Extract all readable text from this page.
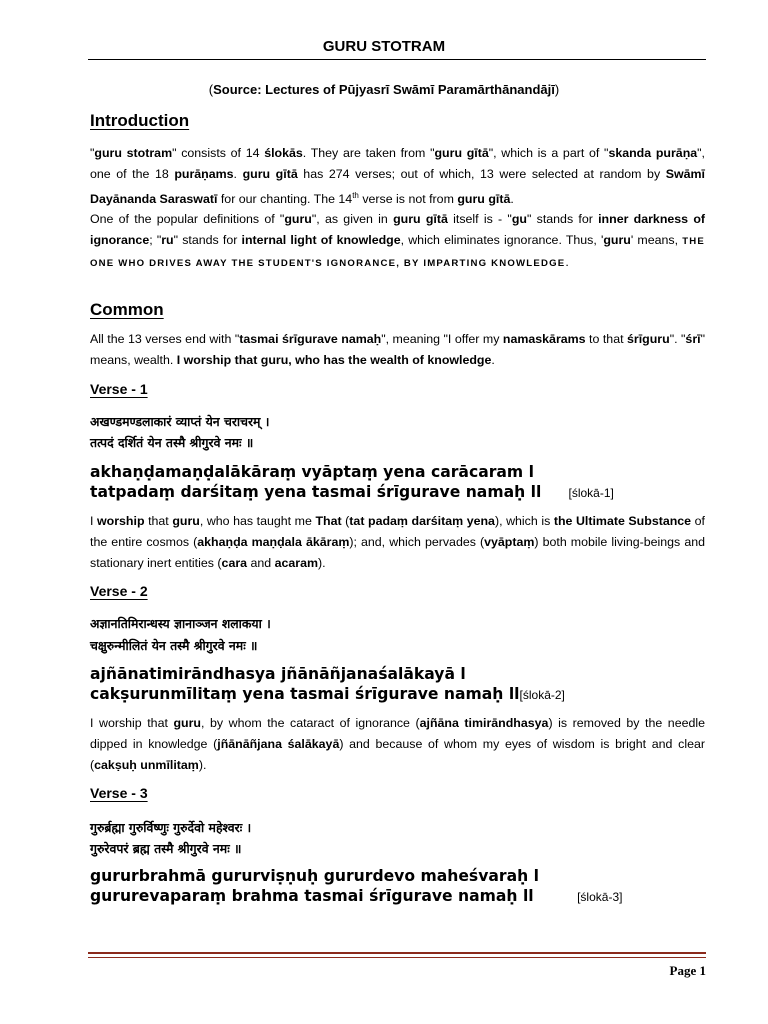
GURU STOTRAM
(Source: Lectures of Pūjyasrī Swāmī Paramārthānandājī)
Introduction
"guru stotram" consists of 14 ślokās. They are taken from "guru gītā", which is a part of "skanda purāṇa", one of the 18 purāṇams. guru gītā has 274 verses; out of which, 13 were selected at random by Swāmī Dayānanda Saraswatī for our chanting. The 14th verse is not from guru gītā.
One of the popular definitions of "guru", as given in guru gītā itself is - "gu" stands for inner darkness of ignorance; "ru" stands for internal light of knowledge, which eliminates ignorance. Thus, 'guru' means, THE ONE WHO DRIVES AWAY THE STUDENT'S IGNORANCE, BY IMPARTING KNOWLEDGE.
Common
All the 13 verses end with "tasmai śrīgurave namaḥ", meaning "I offer my namaskārams to that śrīguru". "śrī" means, wealth. I worship that guru, who has the wealth of knowledge.
Verse - 1
अखण्डमण्डलाकारं व्याप्तं येन चराचरम् ।
तत्पदं दर्शितं येन तस्मै श्रीगुरवे नमः ॥
akhaṇḍamaṇḍalākāraṃ vyāptaṃ yena carācaram l
tatpadaṃ darśitaṃ yena tasmai śrīgurave namaḥ ll [ślokā-1]
I worship that guru, who has taught me That (tat padaṃ darśitaṃ yena), which is the Ultimate Substance of the entire cosmos (akhaṇḍa maṇḍala ākāraṃ); and, which pervades (vyāptaṃ) both mobile living-beings and stationary inert entities (cara and acaram).
Verse - 2
अज्ञानतिमिरान्धस्य ज्ञानाञ्जन शलाकया ।
चक्षुरुन्मीलितं येन तस्मै श्रीगुरवे नमः ॥
ajñānatimirāndhasya jñānāñjanaśalākayā l
cakṣurunmīlitaṃ yena tasmai śrīgurave namaḥ ll[ślokā-2]
I worship that guru, by whom the cataract of ignorance (ajñāna timirāndhasya) is removed by the needle dipped in knowledge (jñānāñjana śalākayā) and because of whom my eyes of wisdom is bright and clear (cakṣuḥ unmīlitaṃ).
Verse - 3
गुरुर्ब्रह्मा गुरुर्विष्णुः गुरुर्देवो महेश्वरः ।
गुरुरेवपरं ब्रह्म तस्मै श्रीगुरवे नमः ॥
gururbrahmā gururviṣṇuḥ gururdevo maheśvaraḥ l
gururevaparaṃ brahma tasmai śrīgurave namaḥ ll	[ślokā-3]
Page 1
